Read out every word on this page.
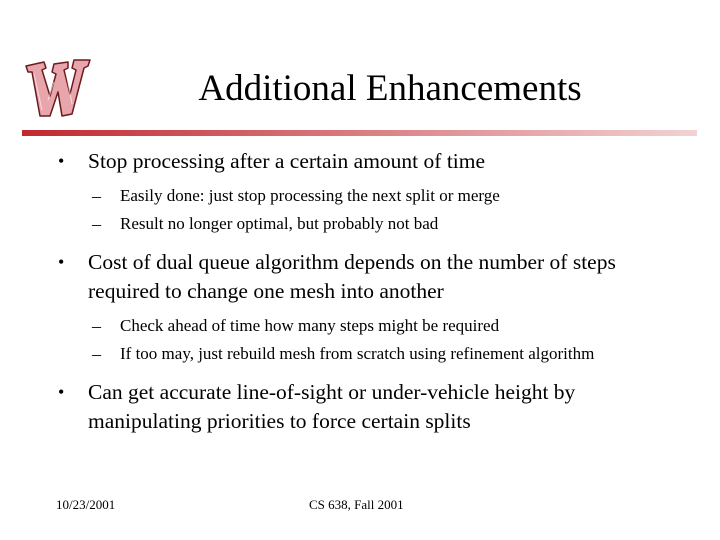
Additional Enhancements
• Stop processing after a certain amount of time
– Easily done: just stop processing the next split or merge
– Result no longer optimal, but probably not bad
• Cost of dual queue algorithm depends on the number of steps required to change one mesh into another
– Check ahead of time how many steps might be required
– If too may, just rebuild mesh from scratch using refinement algorithm
• Can get accurate line-of-sight or under-vehicle height by manipulating priorities to force certain splits
10/23/2001	CS 638, Fall 2001
